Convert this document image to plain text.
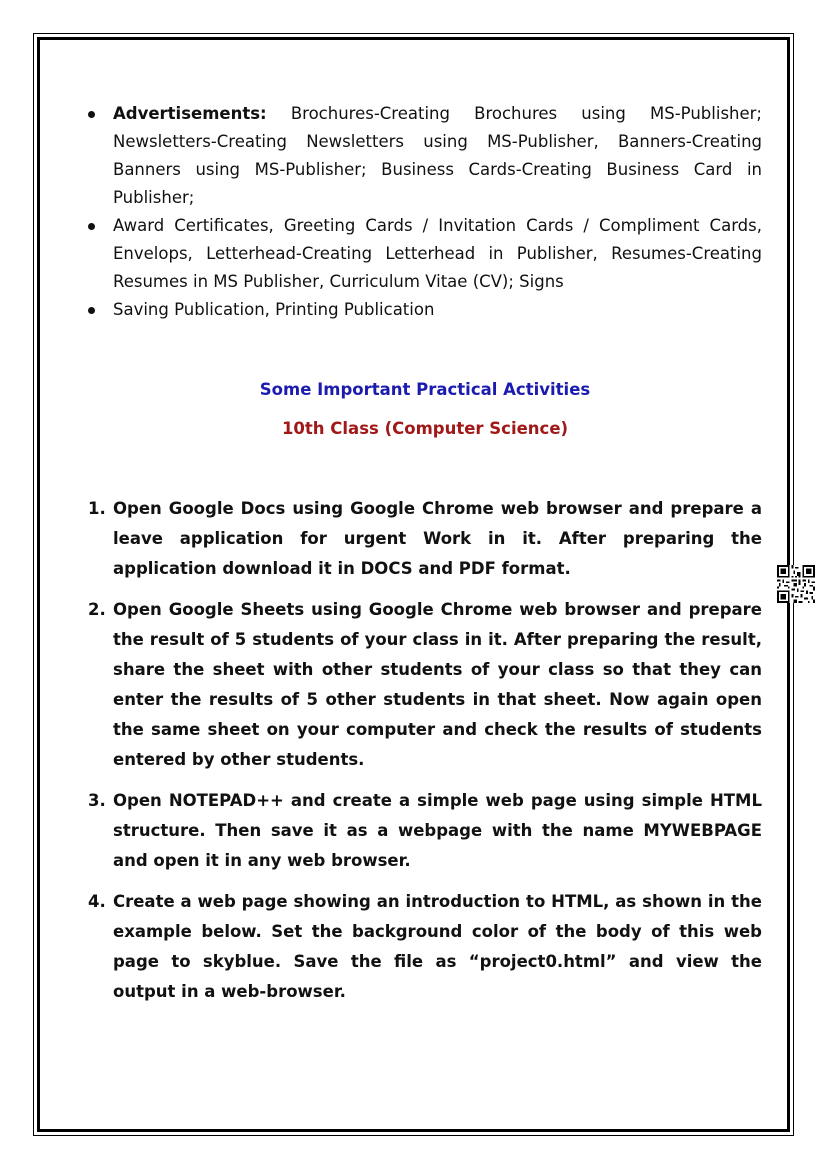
Advertisements: Brochures-Creating Brochures using MS-Publisher; Newsletters-Creating Newsletters using MS-Publisher, Banners-Creating Banners using MS-Publisher; Business Cards-Creating Business Card in Publisher;
Award Certificates, Greeting Cards / Invitation Cards / Compliment Cards, Envelops, Letterhead-Creating Letterhead in Publisher, Resumes-Creating Resumes in MS Publisher, Curriculum Vitae (CV); Signs
Saving Publication, Printing Publication
Some Important Practical Activities
10th Class (Computer Science)
1. Open Google Docs using Google Chrome web browser and prepare a leave application for urgent Work in it. After preparing the application download it in DOCS and PDF format.
2. Open Google Sheets using Google Chrome web browser and prepare the result of 5 students of your class in it. After preparing the result, share the sheet with other students of your class so that they can enter the results of 5 other students in that sheet. Now again open the same sheet on your computer and check the results of students entered by other students.
3. Open NOTEPAD++ and create a simple web page using simple HTML structure. Then save it as a webpage with the name MYWEBPAGE and open it in any web browser.
4. Create a web page showing an introduction to HTML, as shown in the example below. Set the background color of the body of this web page to skyblue. Save the file as “project0.html” and view the output in a web-browser.
